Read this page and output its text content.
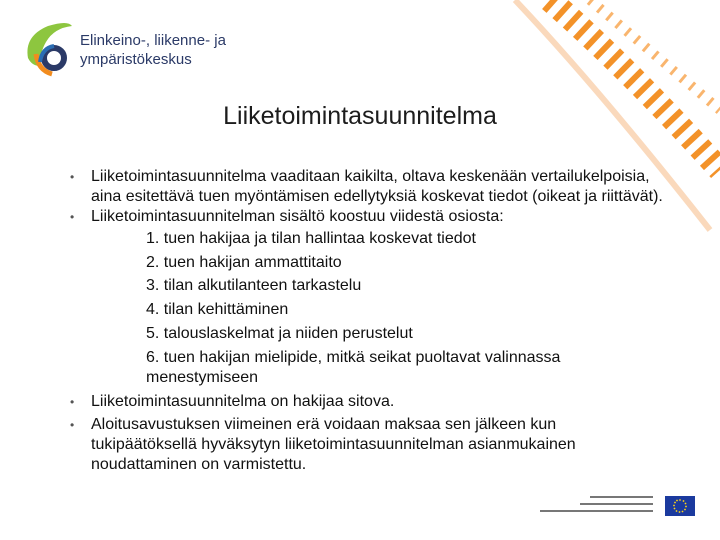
Elinkeino-, liikenne- ja
ympäristökeskus
Liiketoimintasuunnitelma
• Liiketoimintasuunnitelma vaaditaan kaikilta, oltava keskenään vertailukelpoisia, aina esitettävä tuen myöntämisen edellytyksiä koskevat tiedot (oikeat ja riittävät).
• Liiketoimintasuunnitelman sisältö koostuu viidestä osiosta:
1. tuen hakijaa ja tilan hallintaa koskevat tiedot
2. tuen hakijan ammattitaito
3. tilan alkutilanteen tarkastelu
4. tilan kehittäminen
5. talouslaskelmat ja niiden perustelut
6. tuen hakijan mielipide, mitkä seikat puoltavat valinnassa menestymiseen
• Liiketoimintasuunnitelma on hakijaa sitova.
• Aloitusavustuksen viimeinen erä voidaan maksaa sen jälkeen kun tukipäätöksellä hyväksytyn liiketoimintasuunnitelman asianmukainen noudattaminen on varmistettu.
